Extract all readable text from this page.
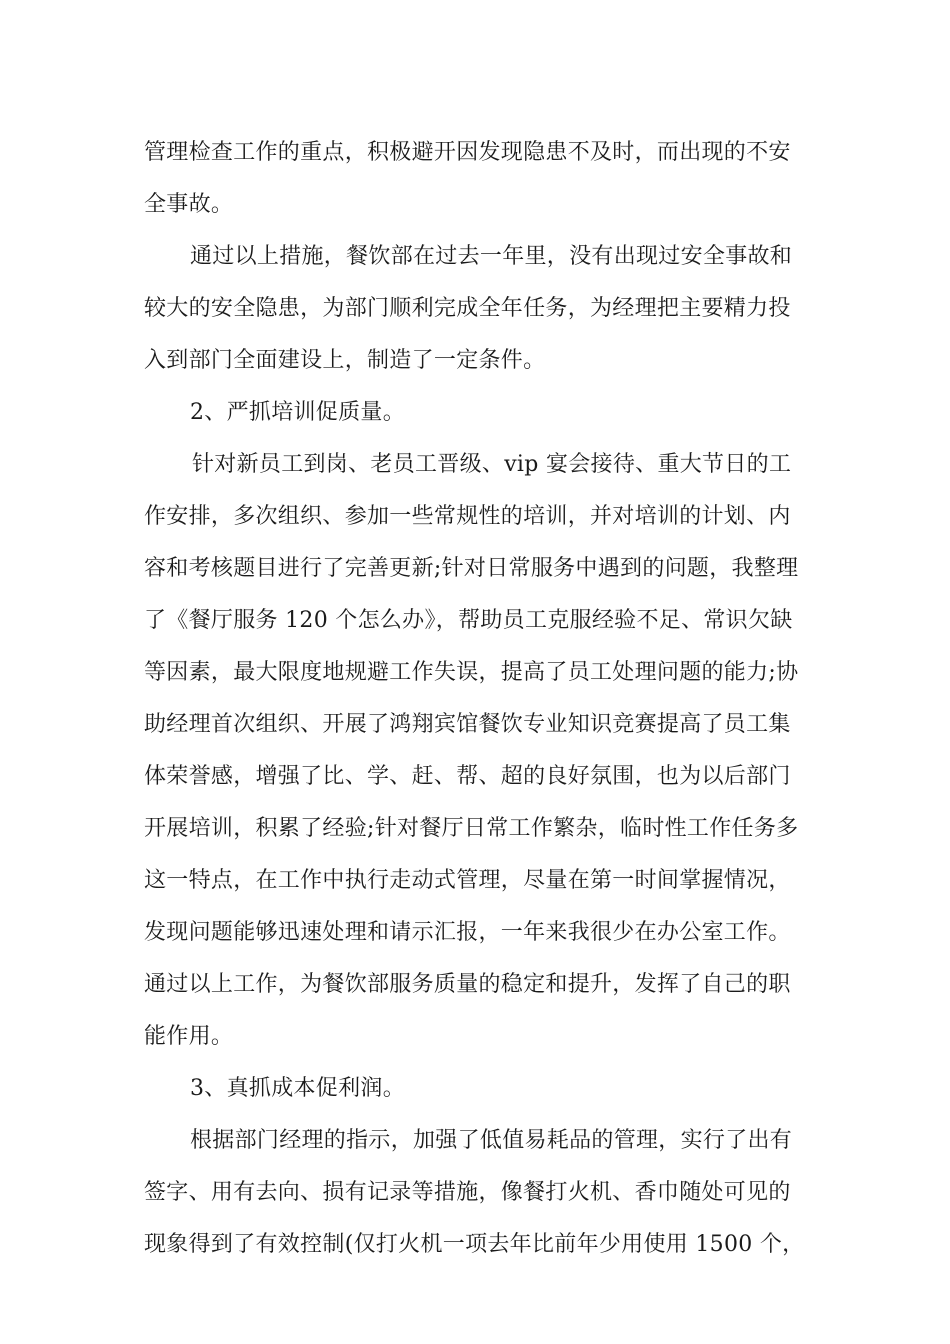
管理检查工作的重点，积极避开因发现隐患不及时，而出现的不安
全事故。
通过以上措施，餐饮部在过去一年里，没有出现过安全事故和
较大的安全隐患，为部门顺利完成全年任务，为经理把主要精力投
入到部门全面建设上，制造了一定条件。
2、严抓培训促质量。
针对新员工到岗、老员工晋级、vip 宴会接待、重大节日的工
作安排，多次组织、参加一些常规性的培训，并对培训的计划、内
容和考核题目进行了完善更新;针对日常服务中遇到的问题，我整理
了《餐厅服务 120 个怎么办》，帮助员工克服经验不足、常识欠缺
等因素，最大限度地规避工作失误，提高了员工处理问题的能力;协
助经理首次组织、开展了鸿翔宾馆餐饮专业知识竞赛提高了员工集
体荣誉感，增强了比、学、赶、帮、超的良好氛围，也为以后部门
开展培训，积累了经验;针对餐厅日常工作繁杂，临时性工作任务多
这一特点，在工作中执行走动式管理，尽量在第一时间掌握情况，
发现问题能够迅速处理和请示汇报，一年来我很少在办公室工作。
通过以上工作，为餐饮部服务质量的稳定和提升，发挥了自己的职
能作用。
3、真抓成本促利润。
根据部门经理的指示，加强了低值易耗品的管理，实行了出有
签字、用有去向、损有记录等措施，像餐打火机、香巾随处可见的
现象得到了有效控制(仅打火机一项去年比前年少用使用 1500 个，
